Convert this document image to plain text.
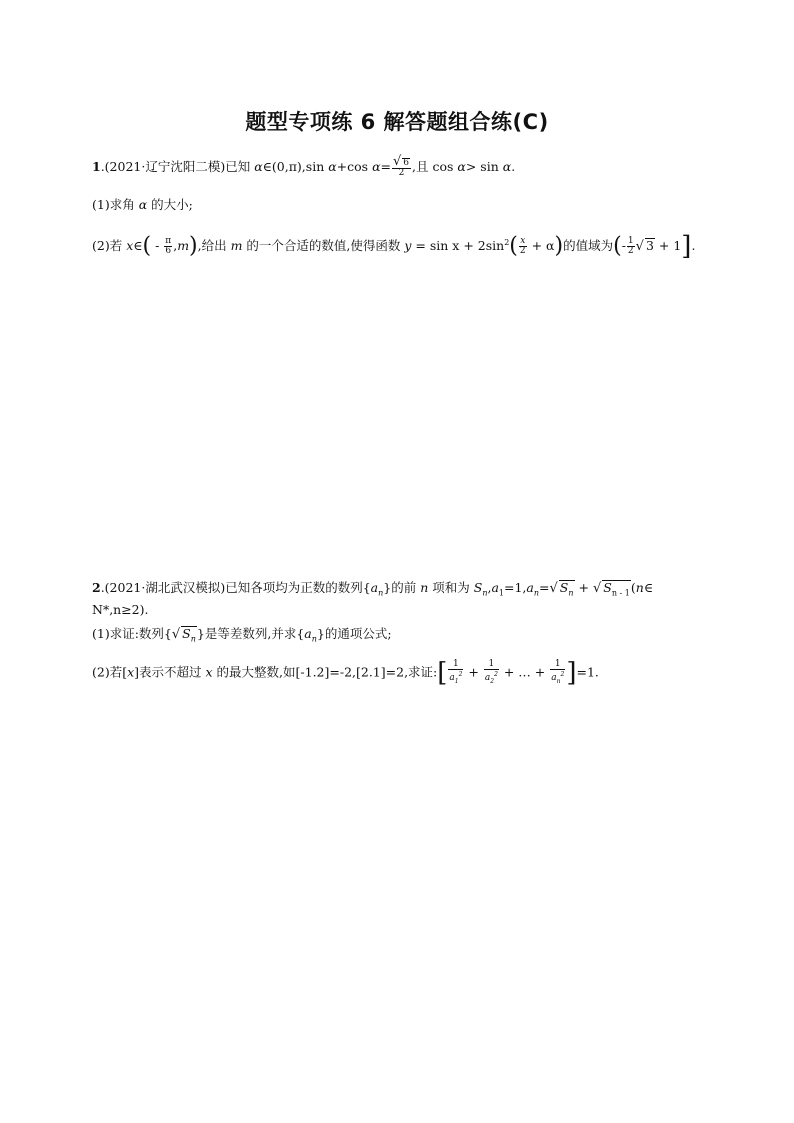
题型专项练 6 解答题组合练(C)
1.(2021·辽宁沈阳二模)已知 α∈(0,π),sin α+cos $\alpha= \frac{√ 6}{2}$ ,且 cos α> sin α.
(1)求角 α 的大小;
(2)若 x∈( - $\frac{\pi}{6} ,m$),给出 m 的一个合适的数值,使得函数 $y = \sin x + 2\sin^2( \frac{x}{2} + \alpha)$的值域为(- $\frac{1}{2}$ √ 3 + 1].
2.(2021·湖北武汉模拟)已知各项均为正数的数列$\{a_n\}$的前 n 项和为 $S_n,a_1=1,a_n=√$ $S_n$ + √ $S_{n - 1}(n\in$
N*,n≥2).
(1)求证:数列{√ $S_n$}是等差数列,并求$\{a_n\}$的通项公式;
(2)若[x]表示不超过 x 的最大整数,如[-1.2]=-2,[2.1]=2,求证:[ $\frac{1}{a_1^2} + \frac{1}{a_2^2}$ + … + $\frac{1}{a_n^2} ]=1$.
